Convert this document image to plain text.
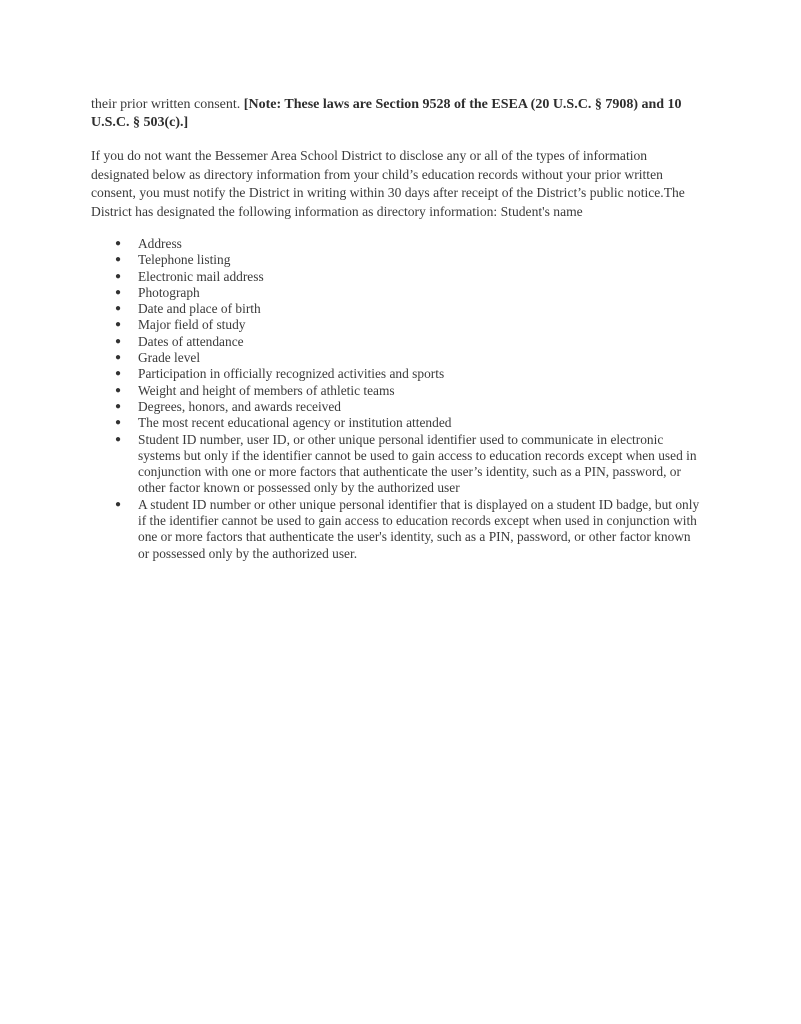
their prior written consent. [Note: These laws are Section 9528 of the ESEA (20 U.S.C. § 7908) and 10 U.S.C. § 503(c).]

If you do not want the Bessemer Area School District to disclose any or all of the types of information designated below as directory information from your child’s education records without your prior written consent, you must notify the District in writing within 30 days after receipt of the District’s public notice.The District has designated the following information as directory information: Student's name

● Address
● Telephone listing
● Electronic mail address
● Photograph
● Date and place of birth
● Major field of study
● Dates of attendance
● Grade level
● Participation in officially recognized activities and sports
● Weight and height of members of athletic teams
● Degrees, honors, and awards received
● The most recent educational agency or institution attended
● Student ID number, user ID, or other unique personal identifier used to communicate in electronic systems but only if the identifier cannot be used to gain access to education records except when used in conjunction with one or more factors that authenticate the user’s identity, such as a PIN, password, or other factor known or possessed only by the authorized user
● A student ID number or other unique personal identifier that is displayed on a student ID badge, but only if the identifier cannot be used to gain access to education records except when used in conjunction with one or more factors that authenticate the user's identity, such as a PIN, password, or other factor known or possessed only by the authorized user.
